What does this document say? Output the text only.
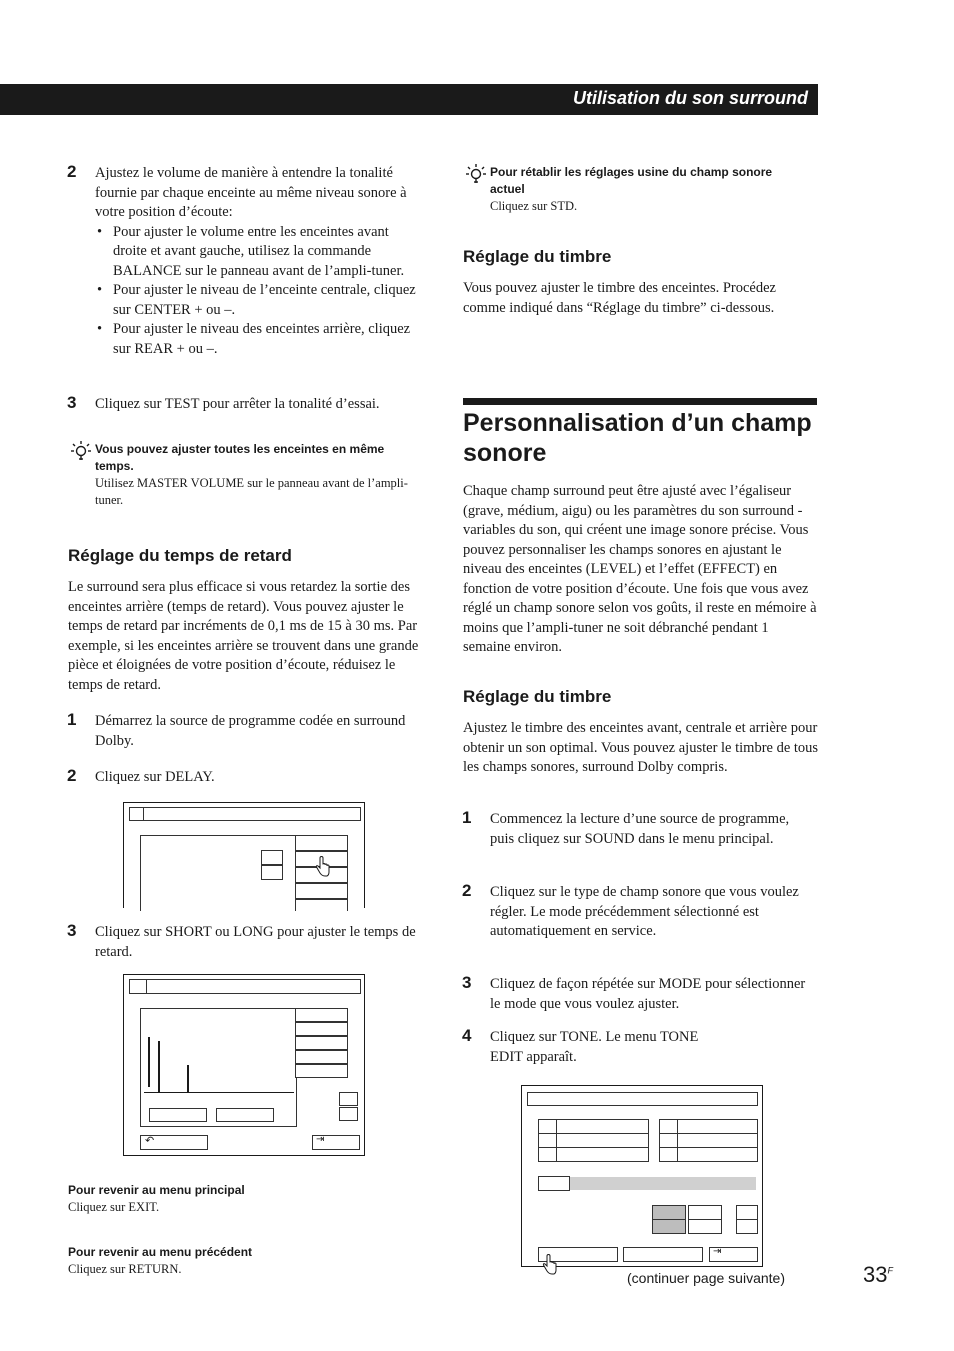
Utilisation du son surround
2 Ajustez le volume de manière à entendre la tonalité fournie par chaque enceinte au même niveau sonore à votre position d’écoute:
• Pour ajuster le volume entre les enceintes avant droite et avant gauche, utilisez la commande BALANCE sur le panneau avant de l’ampli-tuner.
• Pour ajuster le niveau de l’enceinte centrale, cliquez sur CENTER + ou –.
• Pour ajuster le niveau des enceintes arrière, cliquez sur REAR + ou –.
3 Cliquez sur TEST pour arrêter la tonalité d’essai.
Vous pouvez ajuster toutes les enceintes en même temps.
Utilisez MASTER VOLUME sur le panneau avant de l’ampli-tuner.
Réglage du temps de retard
Le surround sera plus efficace si vous retardez la sortie des enceintes arrière (temps de retard). Vous pouvez ajuster le temps de retard par incréments de 0,1 ms de 15 à 30 ms. Par exemple, si les enceintes arrière se trouvent dans une grande pièce et éloignées de votre position d’écoute, réduisez le temps de retard.
1 Démarrez la source de programme codée en surround Dolby.
2 Cliquez sur DELAY.
3 Cliquez sur SHORT ou LONG pour ajuster le temps de retard.
↶	⇥
Pour revenir au menu principal
Cliquez sur EXIT.
Pour revenir au menu précédent
Cliquez sur RETURN.
Pour rétablir les réglages usine du champ sonore actuel
Cliquez sur STD.
Réglage du timbre
Vous pouvez ajuster le timbre des enceintes. Procédez comme indiqué dans “Réglage du timbre” ci-dessous.
Personnalisation d’un champ sonore
Chaque champ surround peut être ajusté avec l’égaliseur (grave, médium, aigu) ou les paramètres du son surround - variables du son, qui créent une image sonore précise. Vous pouvez personnaliser les champs sonores en ajustant le niveau des enceintes (LEVEL) et l’effet (EFFECT) en fonction de votre position d’écoute. Une fois que vous avez réglé un champ sonore selon vos goûts, il reste en mémoire à moins que l’ampli-tuner ne soit débranché pendant 1 semaine environ.
Réglage du timbre
Ajustez le timbre des enceintes avant, centrale et arrière pour obtenir un son optimal. Vous pouvez ajuster le timbre de tous les champs sonores, surround Dolby compris.
1 Commencez la lecture d’une source de programme, puis cliquez sur SOUND dans le menu principal.
2 Cliquez sur le type de champ sonore que vous voulez régler. Le mode précédemment sélectionné est automatiquement en service.
3 Cliquez de façon répétée sur MODE pour sélectionner le mode que vous voulez ajuster.
4 Cliquez sur TONE. Le menu TONE EDIT apparaît.
⇥
(continuer page suivante)	$33^F$
